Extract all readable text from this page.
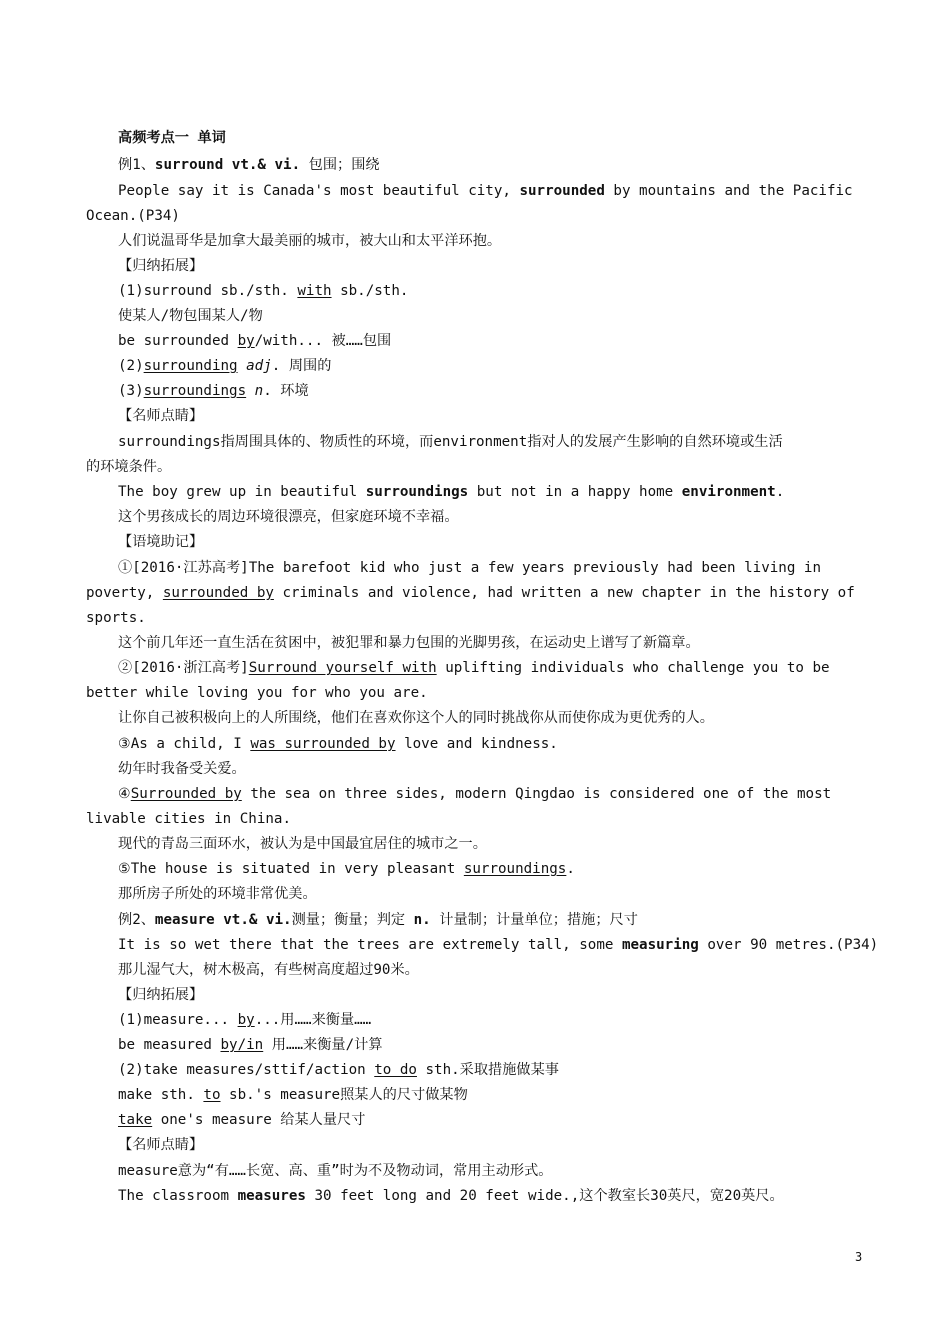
高频考点一 单词
例1、surround vt.& vi. 包围；围绕
People say it is Canada's most beautiful city, surrounded by mountains and the Pacific
Ocean.(P34)
人们说温哥华是加拿大最美丽的城市，被大山和太平洋环抱。
【归纳拓展】
(1)surround sb./sth. with sb./sth.
使某人/物包围某人/物
be surrounded by/with... 被……包围
(2)surrounding adj. 周围的
(3)surroundings n. 环境
【名师点睛】
surroundings指周围具体的、物质性的环境，而environment指对人的发展产生影响的自然环境或生活
的环境条件。
The boy grew up in beautiful surroundings but not in a happy home environment.
这个男孩成长的周边环境很漂亮，但家庭环境不幸福。
【语境助记】
①[2016·江苏高考]The barefoot kid who just a few years previously had been living in
poverty, surrounded by criminals and violence, had written a new chapter in the history of
sports.
这个前几年还一直生活在贫困中，被犯罪和暴力包围的光脚男孩，在运动史上谱写了新篇章。
②[2016·浙江高考]Surround yourself with uplifting individuals who challenge you to be
better while loving you for who you are.
让你自己被积极向上的人所围绕，他们在喜欢你这个人的同时挑战你从而使你成为更优秀的人。
③As a child, I was surrounded by love and kindness.
幼年时我备受关爱。
④Surrounded by the sea on three sides, modern Qingdao is considered one of the most
livable cities in China.
现代的青岛三面环水，被认为是中国最宜居住的城市之一。
⑤The house is situated in very pleasant surroundings.
那所房子所处的环境非常优美。
例2、measure vt.& vi.测量；衡量；判定 n. 计量制；计量单位；措施；尺寸
It is so wet there that the trees are extremely tall, some measuring over 90 metres.(P34)
那儿湿气大，树木极高，有些树高度超过90米。
【归纳拓展】
(1)measure... by...用……来衡量……
be measured by/in 用……来衡量/计算
(2)take measures/sttif/action to do sth.采取措施做某事
make sth. to sb.'s measure照某人的尺寸做某物
take one's measure 给某人量尺寸
【名师点睛】
measure意为“有……长宽、高、重”时为不及物动词，常用主动形式。
The classroom measures 30 feet long and 20 feet wide.,这个教室长30英尺，宽20英尺。
3
